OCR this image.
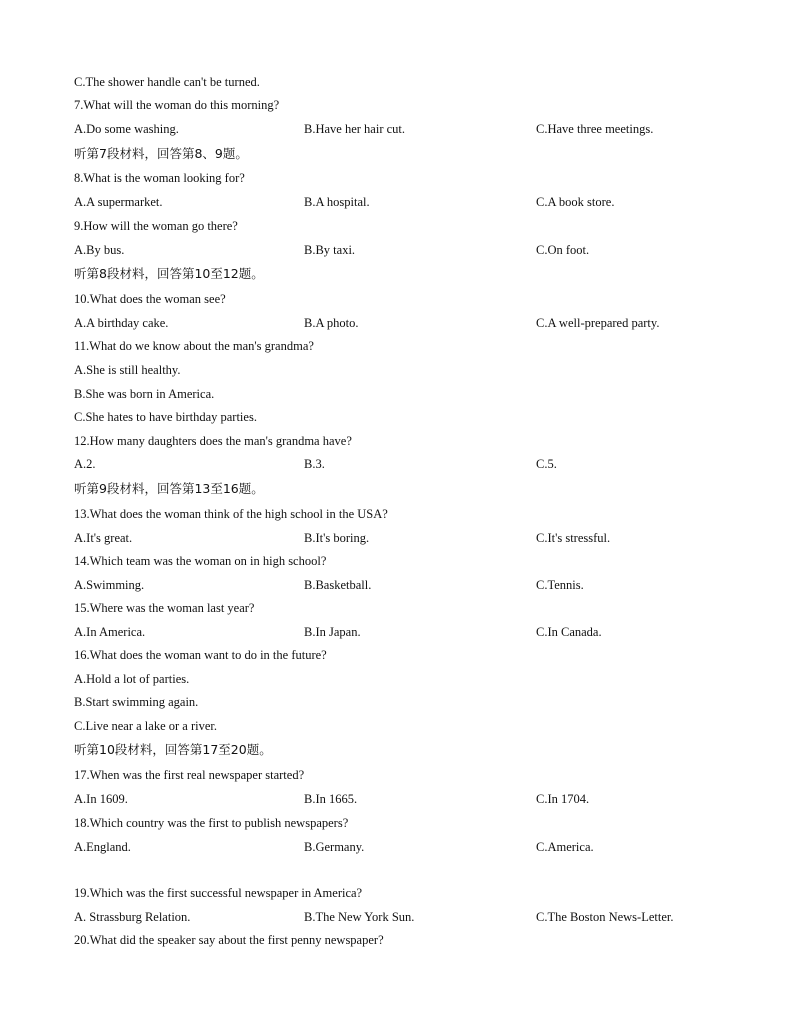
C.The shower handle can't be turned.
7.What will the woman do this morning?
A.Do some washing.	B.Have her hair cut.	C.Have three meetings.
听第7段材料，回答第8、9题。
8.What is the woman looking for?
A.A supermarket.	B.A hospital.	C.A book store.
9.How will the woman go there?
A.By bus.	B.By taxi.	C.On foot.
听第8段材料，回答第10至12题。
10.What does the woman see?
A.A birthday cake.	B.A photo.	C.A well-prepared party.
11.What do we know about the man's grandma?
A.She is still healthy.
B.She was born in America.
C.She hates to have birthday parties.
12.How many daughters does the man's grandma have?
A.2.	B.3.	C.5.
听第9段材料，回答第13至16题。
13.What does the woman think of the high school in the USA?
A.It's great.	B.It's boring.	C.It's stressful.
14.Which team was the woman on in high school?
A.Swimming.	B.Basketball.	C.Tennis.
15.Where was the woman last year?
A.In America.	B.In Japan.	C.In Canada.
16.What does the woman want to do in the future?
A.Hold a lot of parties.
B.Start swimming again.
C.Live near a lake or a river.
听第10段材料，回答第17至20题。
17.When was the first real newspaper started?
A.In 1609.	B.In 1665.	C.In 1704.
18.Which country was the first to publish newspapers?
A.England.	B.Germany.	C.America.
19.Which was the first successful newspaper in America?
A. Strassburg Relation.	B.The New York Sun.	C.The Boston News-Letter.
20.What did the speaker say about the first penny newspaper?
